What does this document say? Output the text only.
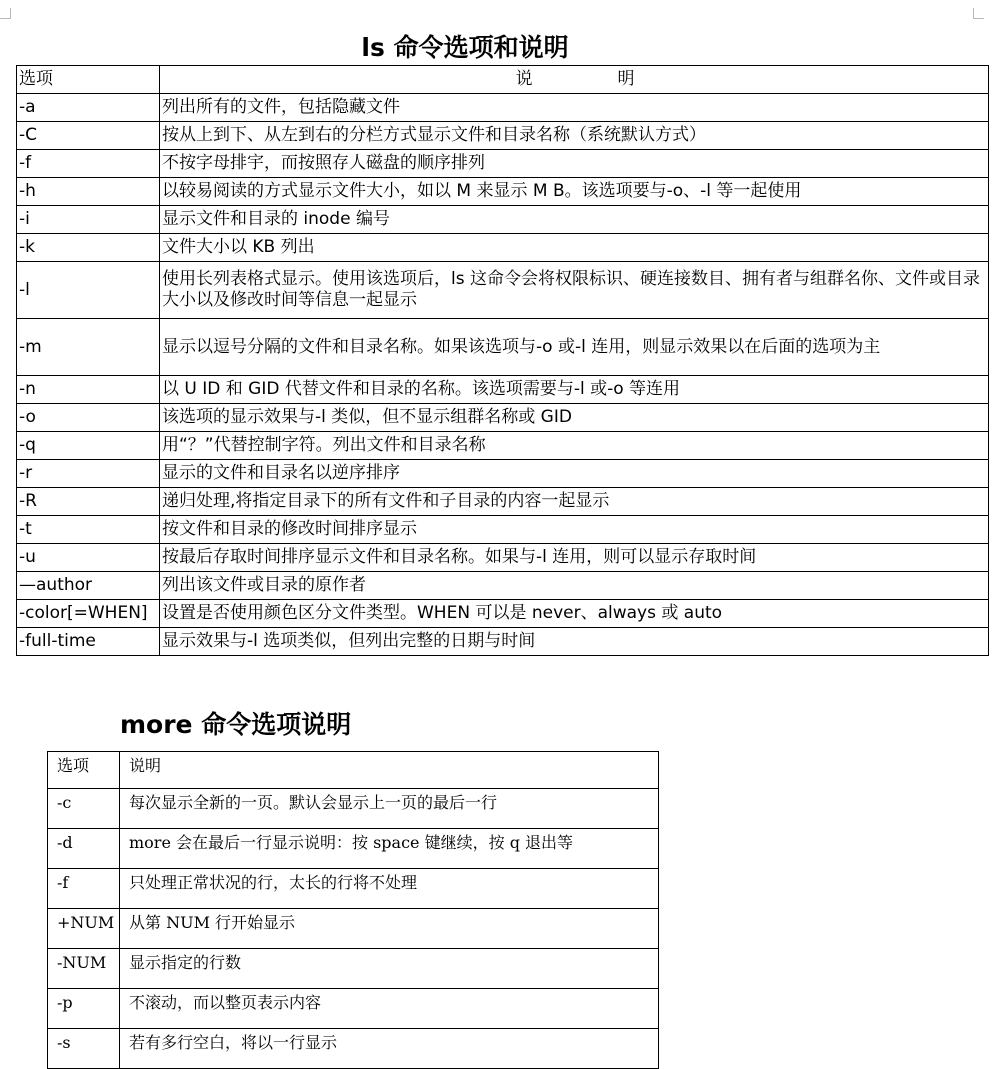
ls 命令选项和说明
选项	说　　　　　明
-a	列出所有的文件，包括隐藏文件
-C	按从上到下、从左到右的分栏方式显示文件和目录名称（系统默认方式）
-f	不按字母排宇，而按照存人磁盘的顺序排列
-h	以较易阅读的方式显示文件大小，如以 M 来显示 M B。该选项要与-o、-l 等一起使用
-i	显示文件和目录的 inode 编号
-k	文件大小以 KB 列出
-l	使用长列表格式显示。使用该选项后，ls 这命令会将权限标识、硬连接数目、拥有者与组群名你、文件或目录大小以及修改时间等信息一起显示
-m	显示以逗号分隔的文件和目录名称。如果该选项与-o 或-l 连用，则显示效果以在后面的选项为主
-n	以 U ID 和 GID 代替文件和目录的名称。该选项需要与-l 或-o 等连用
-o	该选项的显示效果与-l 类似，但不显示组群名称或 GID
-q	用“？”代替控制字符。列出文件和目录名称
-r	显示的文件和目录名以逆序排序
-R	递归处理,将指定目录下的所有文件和子目录的内容一起显示
-t	按文件和目录的修改时间排序显示
-u	按最后存取时间排序显示文件和目录名称。如果与-l 连用，则可以显示存取时间
—author	列出该文件或目录的原作者
-color[=WHEN]	设置是否使用颜色区分文件类型。WHEN 可以是 never、always 或 auto
-full-time	显示效果与-l 选项类似，但列出完整的日期与时间
more 命令选项说明
选项	说明
-c	每次显示全新的一页。默认会显示上一页的最后一行
-d	more 会在最后一行显示说明：按 space 键继续，按 q 退出等
-f	只处理正常状况的行，太长的行将不处理
+NUM	从第 NUM 行开始显示
-NUM	显示指定的行数
-p	不滚动，而以整页表示内容
-s	若有多行空白，将以一行显示
